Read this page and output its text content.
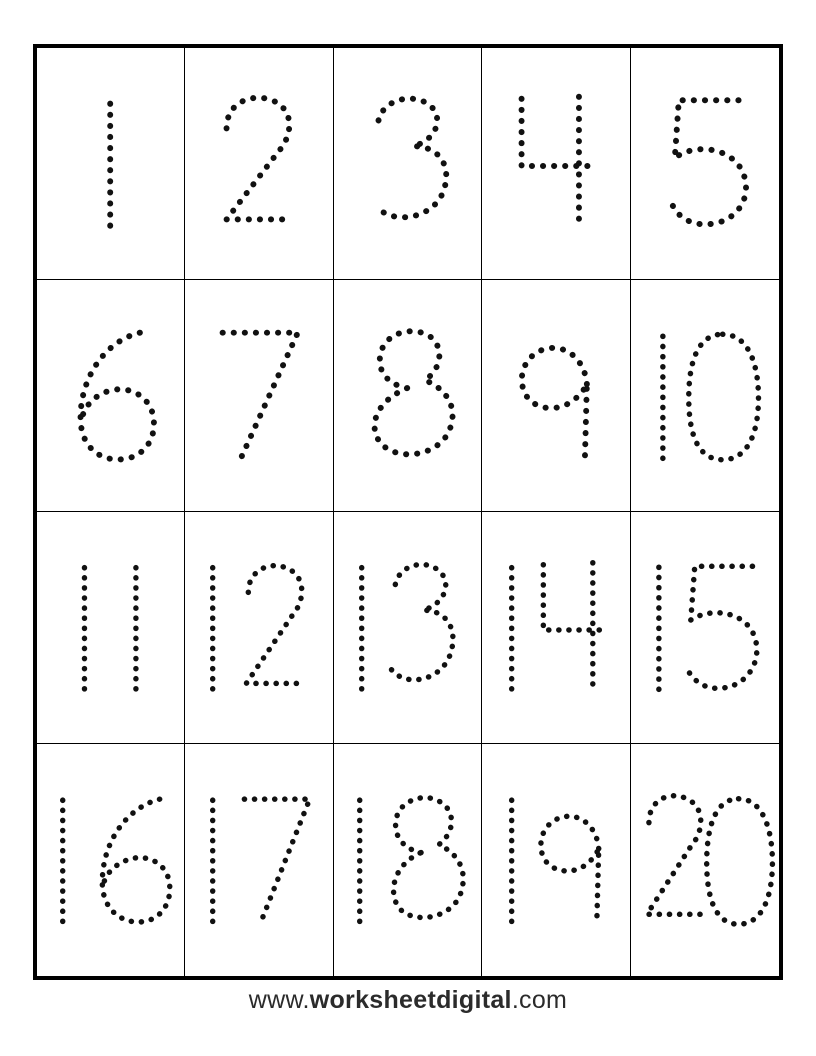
www.worksheetdigital.com
